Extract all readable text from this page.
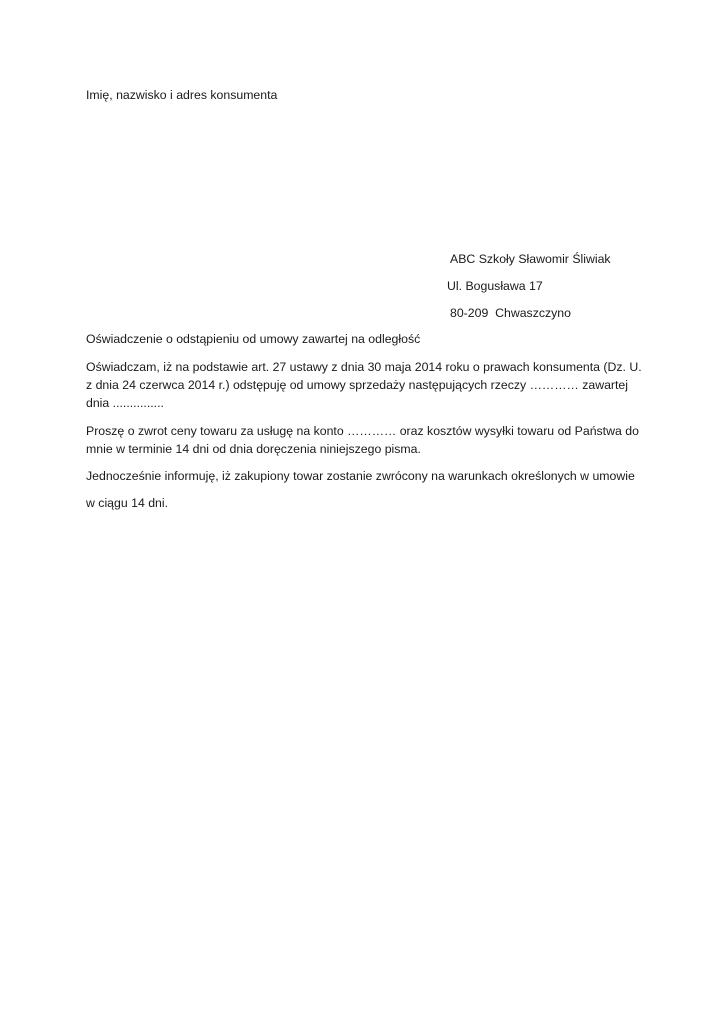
Imię, nazwisko i adres konsumenta
ABC Szkoły Sławomir Śliwiak
Ul. Bogusława 17
80-209  Chwaszczyno
Oświadczenie o odstąpieniu od umowy zawartej na odległość
Oświadczam, iż na podstawie art. 27 ustawy z dnia 30 maja 2014 roku o prawach konsumenta (Dz. U. z dnia 24 czerwca 2014 r.) odstępuję od umowy sprzedaży następujących rzeczy ………… zawartej dnia ...............
Proszę o zwrot ceny towaru za usługę na konto ………… oraz kosztów wysyłki towaru od Państwa do mnie w terminie 14 dni od dnia doręczenia niniejszego pisma.
Jednocześnie informuję, iż zakupiony towar zostanie zwrócony na warunkach określonych w umowie
w ciągu 14 dni.
